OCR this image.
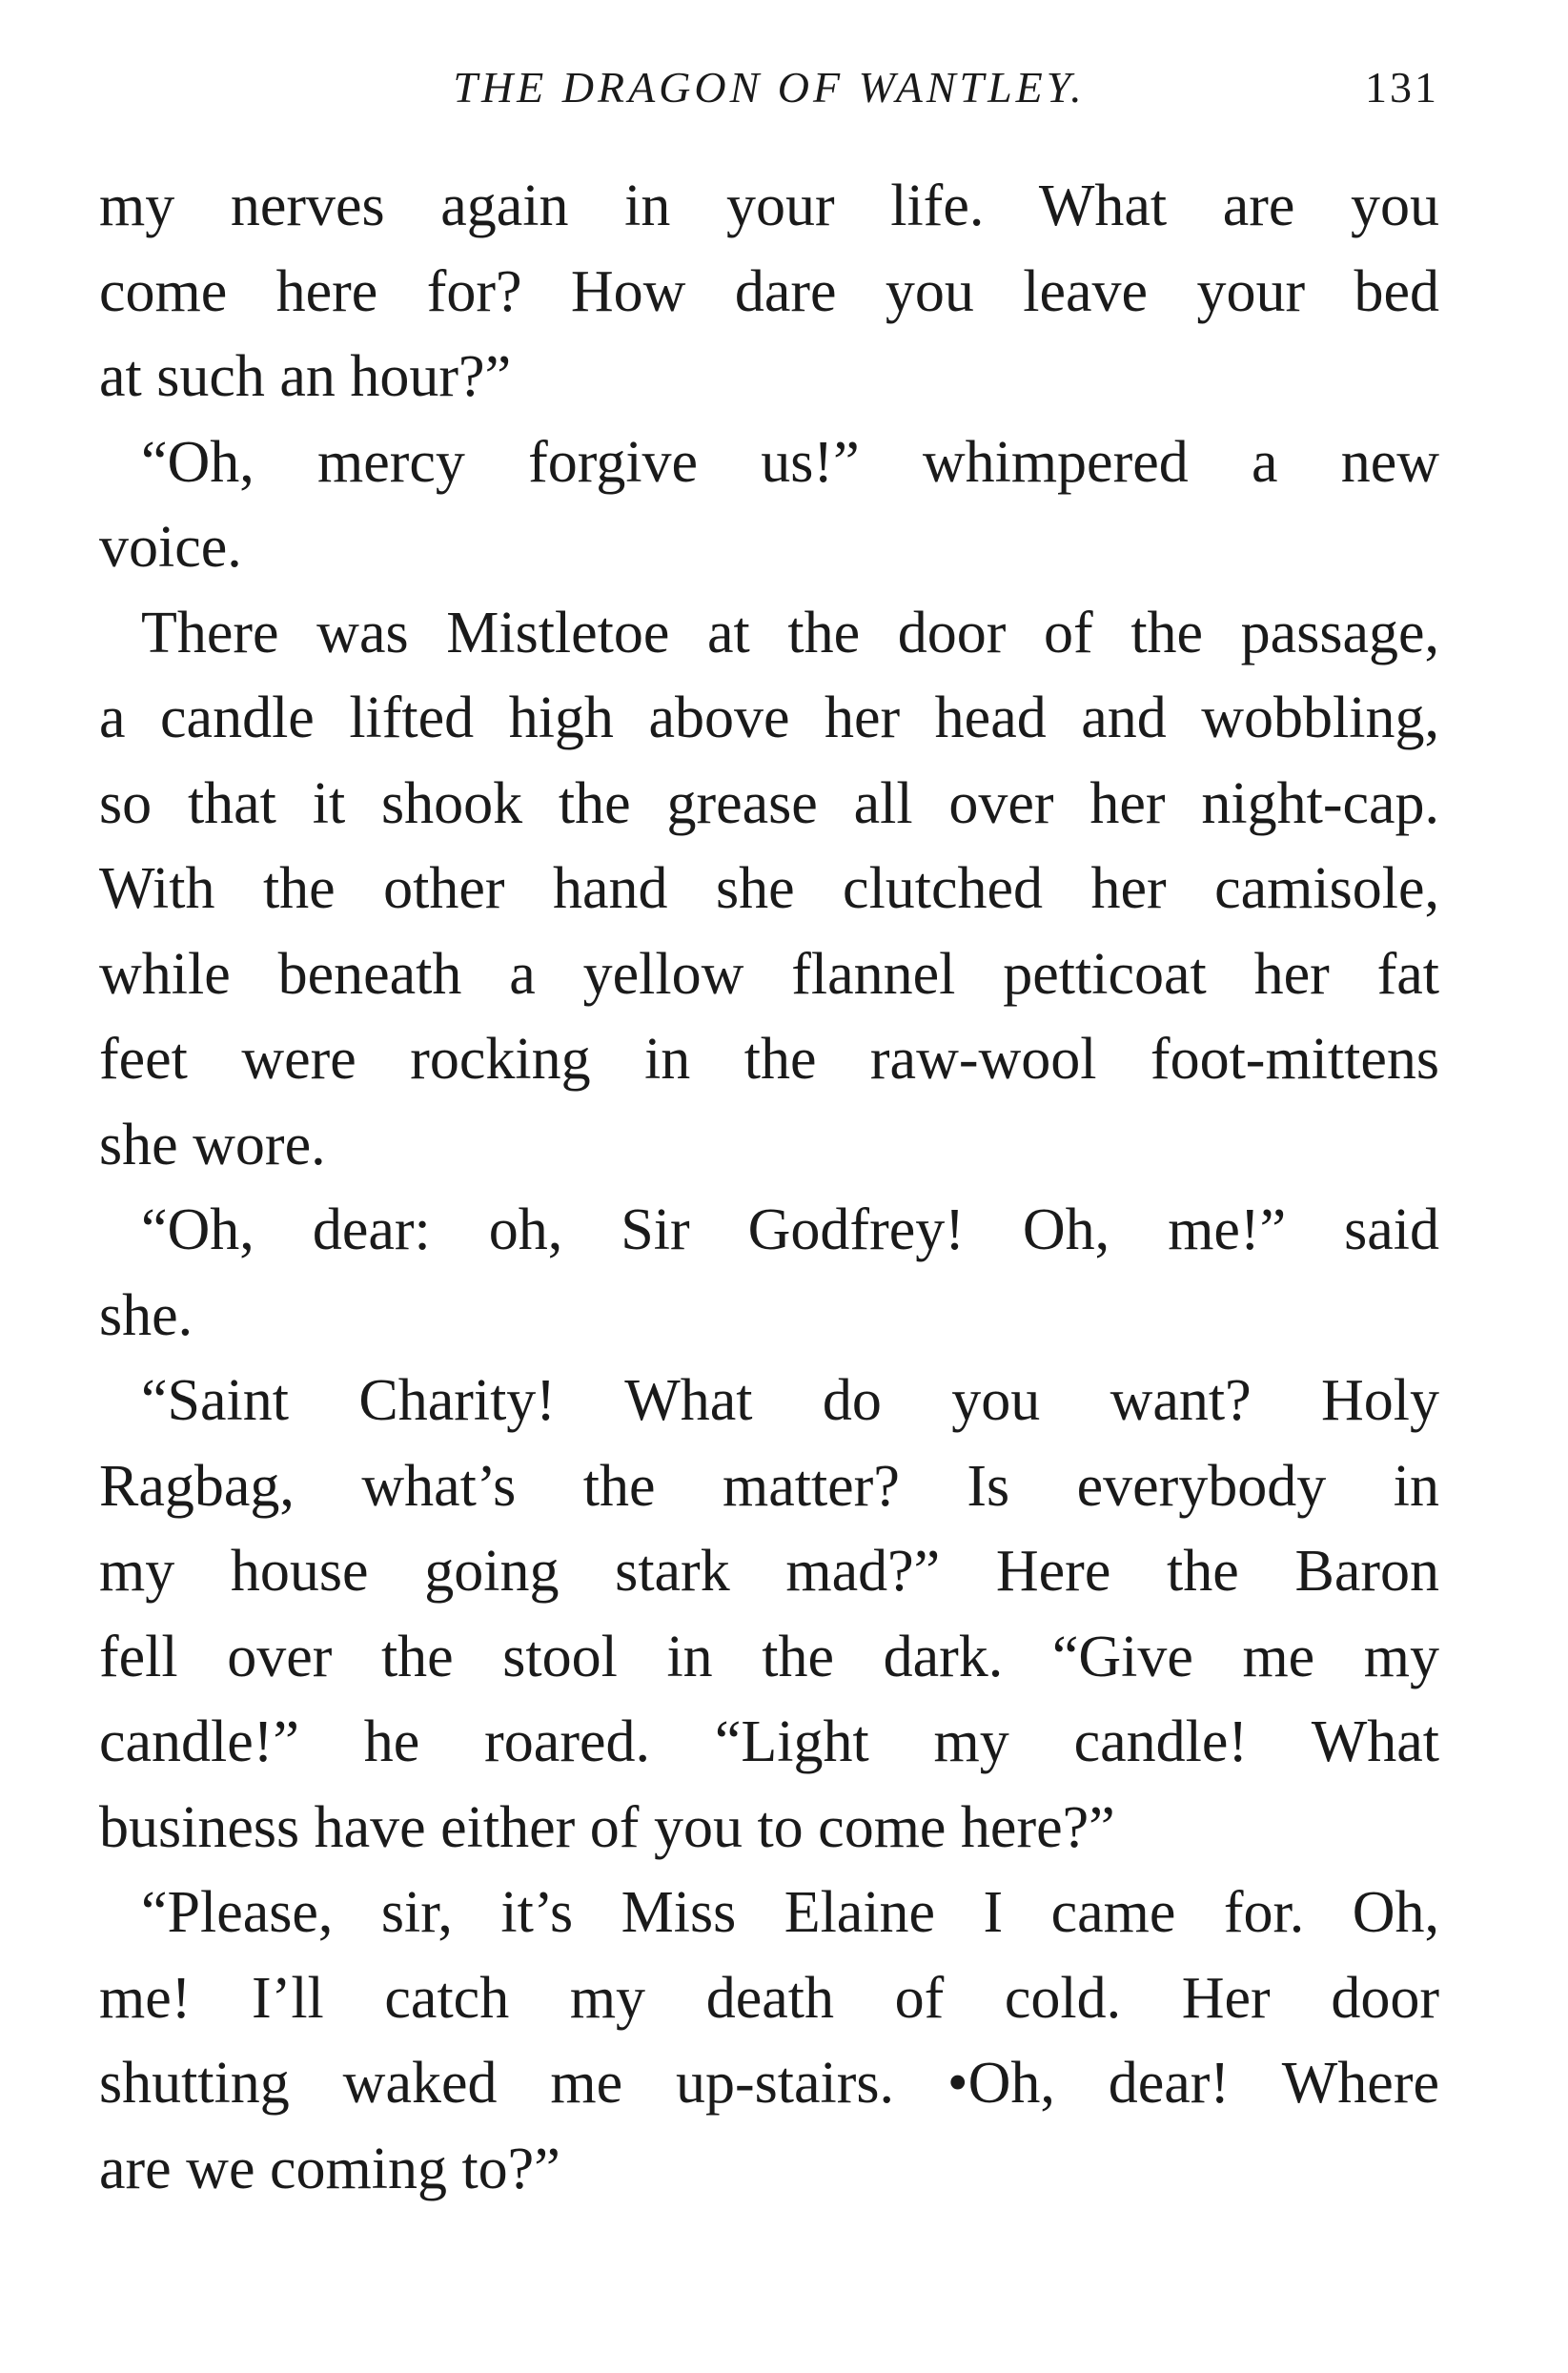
THE DRAGON OF WANTLEY.	131
my nerves again in your life. What are you
come here for? How dare you leave your bed
at such an hour?”
“Oh, mercy forgive us!” whimpered a new
voice.
There was Mistletoe at the door of the passage,
a candle lifted high above her head and wobbling,
so that it shook the grease all over her night-cap.
With the other hand she clutched her camisole,
while beneath a yellow flannel petticoat her fat
feet were rocking in the raw-wool foot-mittens
she wore.
“Oh, dear: oh, Sir Godfrey! Oh, me!” said
she.
“Saint Charity! What do you want? Holy
Ragbag, what’s the matter? Is everybody in
my house going stark mad?” Here the Baron
fell over the stool in the dark. “Give me my
candle!” he roared. “Light my candle! What
business have either of you to come here?”
“Please, sir, it’s Miss Elaine I came for. Oh,
me! I’ll catch my death of cold. Her door
shutting waked me up-stairs. •Oh, dear! Where
are we coming to?”
